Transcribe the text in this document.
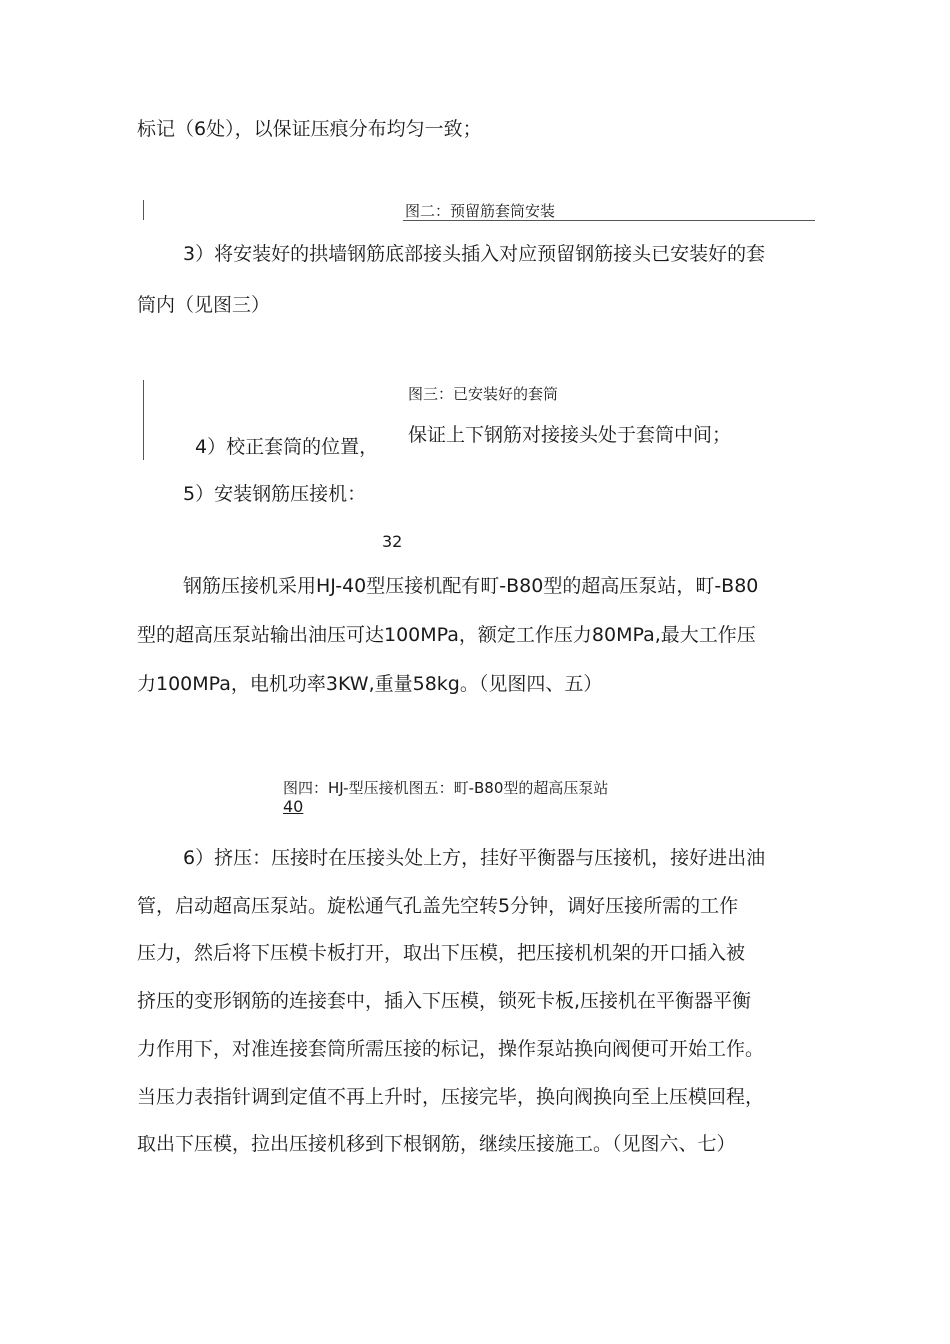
标记（6处），以保证压痕分布均匀一致；
图二：预留筋套筒安装
3）将安装好的拱墙钢筋底部接头插入对应预留钢筋接头已安装好的套
筒内（见图三）
图三：已安装好的套筒
4）校正套筒的位置，
保证上下钢筋对接接头处于套筒中间；
5）安装钢筋压接机：
32
钢筋压接机采用HJ-40型压接机配有町-B80型的超高压泵站，町-B80
型的超高压泵站输出油压可达100MPa，额定工作压力80MPa,最大工作压
力100MPa，电机功率3KW,重量58kg。（见图四、五）
图四：HJ-型压接机图五：町-B80型的超高压泵站
40
6）挤压：压接时在压接头处上方，挂好平衡器与压接机，接好进出油
管，启动超高压泵站。旋松通气孔盖先空转5分钟，调好压接所需的工作
压力，然后将下压模卡板打开，取出下压模，把压接机机架的开口插入被
挤压的变形钢筋的连接套中，插入下压模，锁死卡板,压接机在平衡器平衡
力作用下，对准连接套筒所需压接的标记，操作泵站换向阀便可开始工作。
当压力表指针调到定值不再上升时，压接完毕，换向阀换向至上压模回程，
取出下压模，拉出压接机移到下根钢筋，继续压接施工。（见图六、七）
